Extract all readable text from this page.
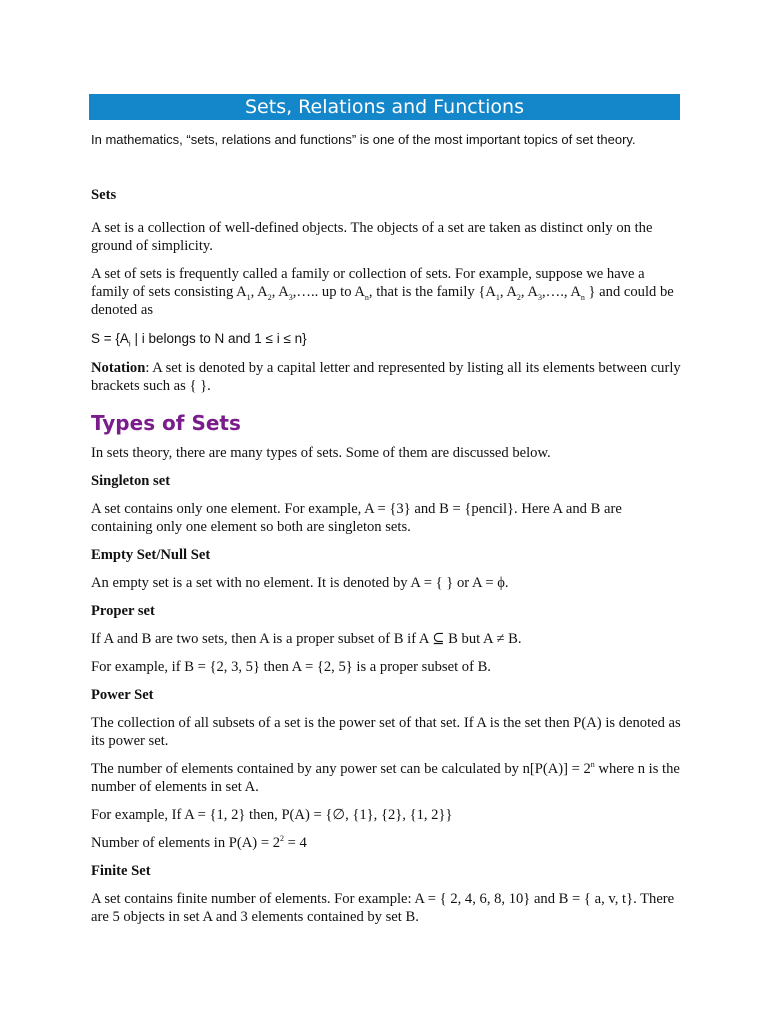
Sets, Relations and Functions

In mathematics, “sets, relations and functions” is one of the most important topics of set theory.

Sets

A set is a collection of well-defined objects. The objects of a set are taken as distinct only on the ground of simplicity.

A set of sets is frequently called a family or collection of sets. For example, suppose we have a family of sets consisting $A_1$, $A_2$, $A_3,\dots$.. up to $A_n$, that is the family {$A_1$, $A_2$, $A_3,\dots$., $A_n$ } and could be denoted as

$S = \{A_i$ | i belongs to N and 1 ≤ i ≤ n}

Notation: A set is denoted by a capital letter and represented by listing all its elements between curly brackets such as { }.

Types of Sets

In sets theory, there are many types of sets. Some of them are discussed below.

Singleton set

A set contains only one element. For example, A = {3} and B = {pencil}. Here A and B are containing only one element so both are singleton sets.

Empty Set/Null Set

An empty set is a set with no element. It is denoted by A = { } or A = ϕ.

Proper set

If A and B are two sets, then A is a proper subset of B if A ⊆ B but A ≠ B.

For example, if B = {2, 3, 5} then A = {2, 5} is a proper subset of B.

Power Set

The collection of all subsets of a set is the power set of that set. If A is the set then P(A) is denoted as its power set.

The number of elements contained by any power set can be calculated by $n[P(A)] = 2^n$ where n is the number of elements in set A.

For example, If A = {1, 2} then, P(A) = {∅, {1}, {2}, {1, 2}}

Number of elements in $P(A) = 2^2 = 4$

Finite Set

A set contains finite number of elements. For example: A = { 2, 4, 6, 8, 10} and B = { a, v, t}. There are 5 objects in set A and 3 elements contained by set B.
